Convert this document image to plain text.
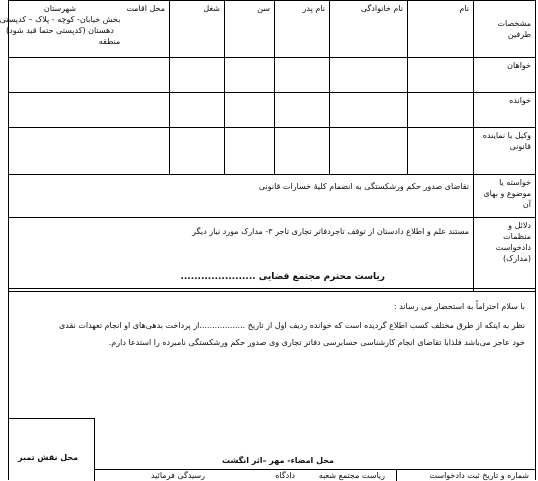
مشخصات طرفین	نام	نام خانوادگی	نام پدر	سن	شغل	محل اقامت
شهرستان
بخش خیابان- کوچه - پلاک – کدپستی
دهستان (کدپستی حتما قید شود)
منطقه

خواهان						
خوانده						
وکیل یا نماینده قانونی						
خواسته یا موضوع و بهای آن	تقاضای صدور حکم ورشکستگی به انضمام کلیۀ خسارات قانونی					
دلائل و منظمات دادخواست (مدارک)	مستند علم و اطلاع دادستان از توقف تاجردفاتر تجاری تاجر ۳- مدارک مورد نیاز دیگر					
ریاست محترم مجتمع قضایی ......................
با سلام احتراماً به استحضار می رساند :
نظر به اینکه از طرق مختلف کسب اطلاع گردیده است که خوانده ردیف اول از تاریخ ..................از پرداخت بدهی‌های‌ او انجام تعهدات نقدی
خود عاجز می‌باشد فلذابا تقاضای انجام کارشناسی حسابرسی دفاتر تجاری وی صدور حکم ورشکستگی نامبرده را استدعا دارم.
محل نقش تمبر	محل امضاء- مهر –اثر انگشت
شماره و تاریخ ثبت دادخواست
ریاست مجتمع شعبه
دادگاه
رسیدگی فرمائید
